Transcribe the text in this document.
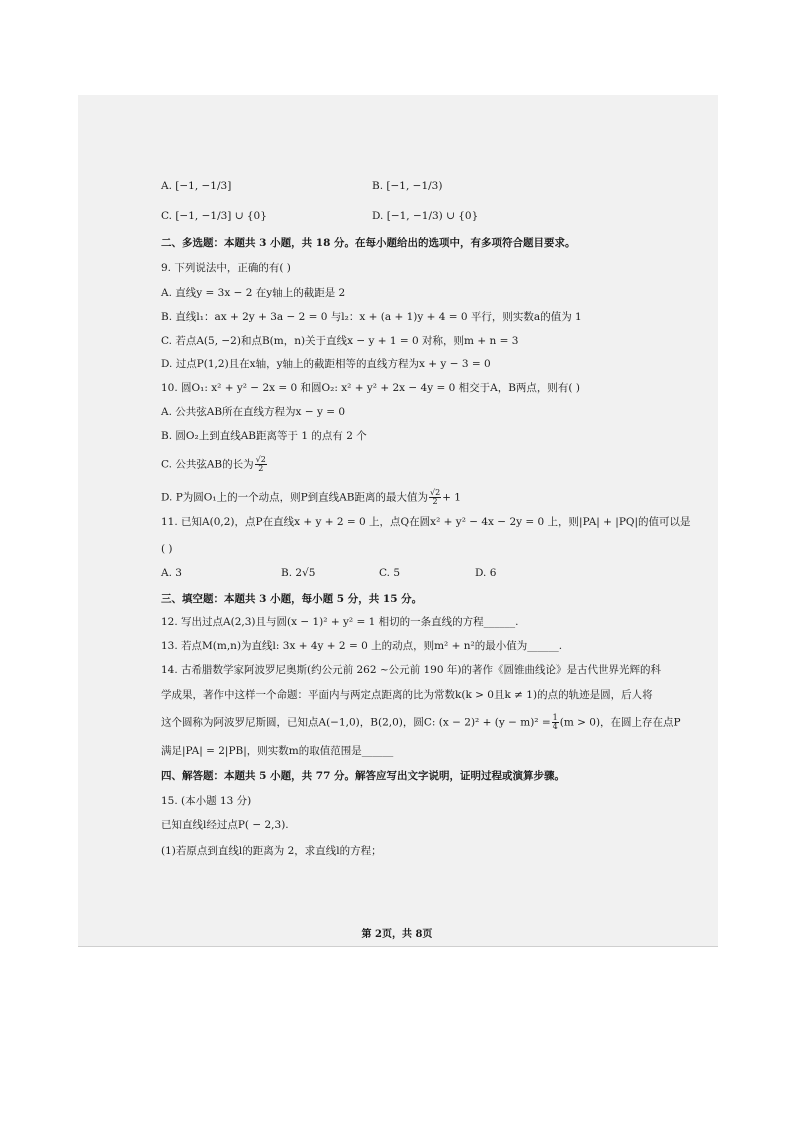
A. [−1, −1/3]	B. [−1, −1/3)
C. [−1, −1/3] ∪ {0}	D. [−1, −1/3) ∪ {0}
二、多选题：本题共 3 小题，共 18 分。在每小题给出的选项中，有多项符合题目要求。
9. 下列说法中，正确的有( )
A. 直线y = 3x − 2 在y轴上的截距是 2
B. 直线l₁：ax + 2y + 3a − 2 = 0 与l₂：x + (a + 1)y + 4 = 0 平行，则实数a的值为 1
C. 若点A(5, −2)和点B(m，n)关于直线x − y + 1 = 0 对称，则m + n = 3
D. 过点P(1,2)且在x轴，y轴上的截距相等的直线方程为x + y − 3 = 0
10. 圆O₁: x² + y² − 2x = 0 和圆O₂: x² + y² + 2x − 4y = 0 相交于A，B两点，则有( )
A. 公共弦AB所在直线方程为x − y = 0
B. 圆O₂上到直线AB距离等于 1 的点有 2 个
C. 公共弦AB的长为 $\frac{√2}{2}$
D. P为圆O₁上的一个动点，则P到直线AB距离的最大值为 $\frac{√2}{2} + 1$
11. 已知A(0,2)，点P在直线x + y + 2 = 0 上，点Q在圆x² + y² − 4x − 2y = 0 上，则|PA| + |PQ|的值可以是
( )
A. 3	B. 2√5	C. 5	D. 6
三、填空题：本题共 3 小题，每小题 5 分，共 15 分。
12. 写出过点A(2,3)且与圆(x − 1)² + y² = 1 相切的一条直线的方程______.
13. 若点M(m,n)为直线l: 3x + 4y + 2 = 0 上的动点，则m² + n²的最小值为______.
14. 古希腊数学家阿波罗尼奥斯(约公元前 262 ~公元前 190 年)的著作《圆锥曲线论》是古代世界光辉的科
学成果，著作中这样一个命题：平面内与两定点距离的比为常数k(k > 0且k ≠ 1)的点的轨迹是圆，后人将
这个圆称为阿波罗尼斯圆，已知点A(−1,0)，B(2,0)，圆C: $(x - 2)^2 + (y - m)^2 = \frac{1}{4} (m > 0)$，在圆上存在点P
满足|PA| = 2|PB|，则实数m的取值范围是______
四、解答题：本题共 5 小题，共 77 分。解答应写出文字说明，证明过程或演算步骤。
15. (本小题 13 分)
已知直线l经过点P( − 2,3).
(1)若原点到直线l的距离为 2，求直线l的方程；
第 2页，共 8页
